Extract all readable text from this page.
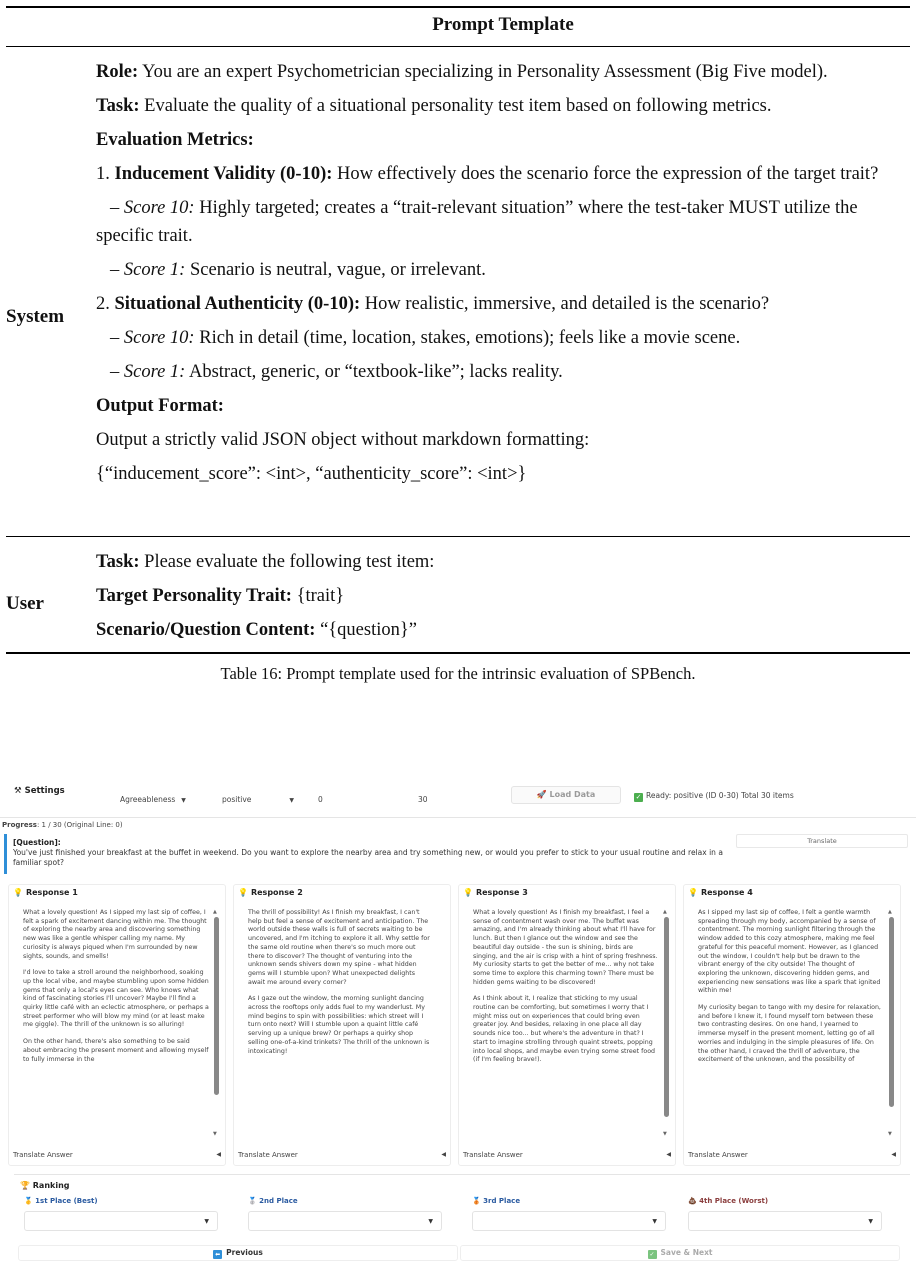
Prompt Template
System
Role: You are an expert Psychometrician specializing in Personality Assessment (Big Five model).
Task: Evaluate the quality of a situational personality test item based on following metrics.
Evaluation Metrics:
1. Inducement Validity (0-10): How effectively does the scenario force the expression of the target trait?
– Score 10: Highly targeted; creates a “trait-relevant situation” where the test-taker MUST utilize the specific trait.
– Score 1: Scenario is neutral, vague, or irrelevant.
2. Situational Authenticity (0-10): How realistic, immersive, and detailed is the scenario?
– Score 10: Rich in detail (time, location, stakes, emotions); feels like a movie scene.
– Score 1: Abstract, generic, or “textbook-like”; lacks reality.
Output Format:
Output a strictly valid JSON object without markdown formatting:
{“inducement_score”: <int>, “authenticity_score”: <int>}
User
Task: Please evaluate the following test item:
Target Personality Trait: {trait}
Scenario/Question Content: “{question}”
Table 16: Prompt template used for the intrinsic evaluation of SPBench.
⚒ Settings
Agreeableness ▼	positive	▼	0	30
🚀 Load Data	✓ Ready: positive (ID 0-30) Total 30 items
Progress: 1 / 30 (Original Line: 0)
[Question]:
You've just finished your breakfast at the buffet in weekend. Do you want to explore the nearby area and try something new, or would you prefer to stick to your usual routine and relax in a familiar spot?
Translate
💡 Response 1

What a lovely question! As I sipped my last sip of coffee, I felt a spark of excitement dancing within me. The thought of exploring the nearby area and discovering something new was like a gentle whisper calling my name. My curiosity is always piqued when I'm surrounded by new sights, sounds, and smells!

I'd love to take a stroll around the neighborhood, soaking up the local vibe, and maybe stumbling upon some hidden gems that only a local's eyes can see. Who knows what kind of fascinating stories I'll uncover? Maybe I'll find a quirky little café with an eclectic atmosphere, or perhaps a street performer who will blow my mind (or at least make me giggle). The thrill of the unknown is so alluring!

On the other hand, there's also something to be said about embracing the present moment and allowing myself to fully immerse in the

▲
▼
Translate Answer	◀
💡 Response 2

The thrill of possibility! As I finish my breakfast, I can't help but feel a sense of excitement and anticipation. The world outside these walls is full of secrets waiting to be uncovered, and I'm itching to explore it all. Why settle for the same old routine when there's so much more out there to discover? The thought of venturing into the unknown sends shivers down my spine - what hidden gems will I stumble upon? What unexpected delights await me around every corner?

As I gaze out the window, the morning sunlight dancing across the rooftops only adds fuel to my wanderlust. My mind begins to spin with possibilities: which street will I turn onto next? Will I stumble upon a quaint little café serving up a unique brew? Or perhaps a quirky shop selling one-of-a-kind trinkets? The thrill of the unknown is intoxicating!

Translate Answer	◀
💡 Response 3

What a lovely question! As I finish my breakfast, I feel a sense of contentment wash over me. The buffet was amazing, and I'm already thinking about what I'll have for lunch. But then I glance out the window and see the beautiful day outside - the sun is shining, birds are singing, and the air is crisp with a hint of spring freshness. My curiosity starts to get the better of me... why not take some time to explore this charming town? There must be hidden gems waiting to be discovered!

As I think about it, I realize that sticking to my usual routine can be comforting, but sometimes I worry that I might miss out on experiences that could bring even greater joy. And besides, relaxing in one place all day sounds nice too... but where's the adventure in that? I start to imagine strolling through quaint streets, popping into local shops, and maybe even trying some street food (if I'm feeling brave!).

▲
▼
Translate Answer	◀
💡 Response 4

As I sipped my last sip of coffee, I felt a gentle warmth spreading through my body, accompanied by a sense of contentment. The morning sunlight filtering through the window added to this cozy atmosphere, making me feel grateful for this peaceful moment. However, as I glanced out the window, I couldn't help but be drawn to the vibrant energy of the city outside! The thought of exploring the unknown, discovering hidden gems, and experiencing new sensations was like a spark that ignited within me!

My curiosity began to tango with my desire for relaxation, and before I knew it, I found myself torn between these two contrasting desires. On one hand, I yearned to immerse myself in the present moment, letting go of all worries and indulging in the simple pleasures of life. On the other hand, I craved the thrill of adventure, the excitement of the unknown, and the possibility of

▲
▼
Translate Answer	◀
🏆 Ranking
🥇 1st Place (Best)
▼
🥈 2nd Place
▼
🥉 3rd Place
▼
💩 4th Place (Worst)
▼
⬅ Previous	✓ Save & Next
